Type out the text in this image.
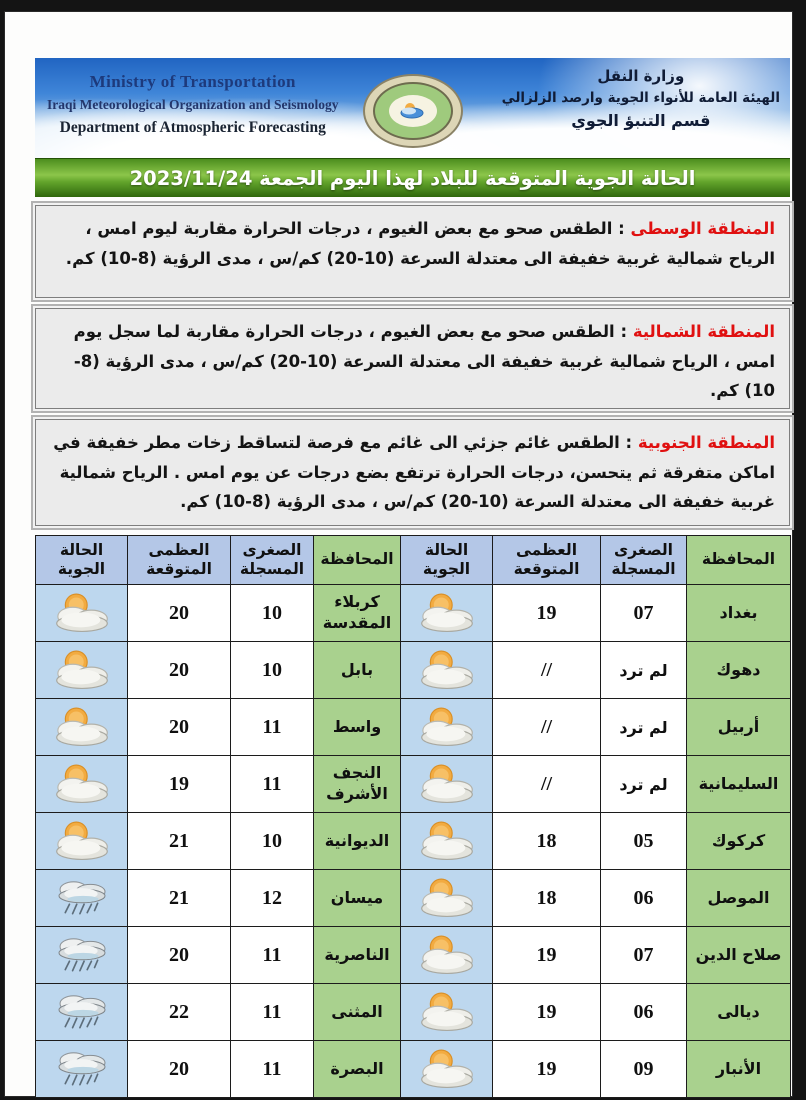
Ministry of Transportation
Iraqi Meteorological Organization and Seismology
Department of Atmospheric Forecasting
وزارة النقل
الهيئة العامة للأنواء الجوية وارصد الزلزالي
قسم التنبؤ الجوي
الحالة الجوية المتوقعة للبلاد لهذا اليوم الجمعة 2023/11/24
المنطقة الوسطى : الطقس صحو مع بعض الغيوم ، درجات الحرارة مقاربة ليوم امس ، الرياح شمالية غربية خفيفة الى معتدلة السرعة (10-20) كم/س ، مدى الرؤية (8-10) كم.
المنطقة الشمالية : الطقس صحو مع بعض الغيوم ، درجات الحرارة مقاربة لما سجل يوم امس ، الرياح شمالية غربية خفيفة الى معتدلة السرعة (10-20) كم/س ، مدى الرؤية (8-10) كم.
المنطقة الجنوبية : الطقس غائم جزئي الى غائم مع فرصة لتساقط زخات مطر خفيفة في اماكن متفرقة ثم يتحسن، درجات الحرارة ترتفع بضع درجات عن يوم امس . الرياح شمالية غربية خفيفة الى معتدلة السرعة (10-20) كم/س ، مدى الرؤية (8-10) كم.
المحافظة	الصغرى المسجلة	العظمى المتوقعة	الحالة الجوية	المحافظة	الصغرى المسجلة	العظمى المتوقعة	الحالة الجوية
بغداد	07	19		كربلاء المقدسة	10	20	
دهوك	لم ترد	//		بابل	10	20	
أربيل	لم ترد	//		واسط	11	20	
السليمانية	لم ترد	//		النجف الأشرف	11	19	
كركوك	05	18		الديوانية	10	21	
الموصل	06	18		ميسان	12	21	
صلاح الدين	07	19		الناصرية	11	20	
ديالى	06	19		المثنى	11	22	
الأنبار	09	19		البصرة	11	20	
